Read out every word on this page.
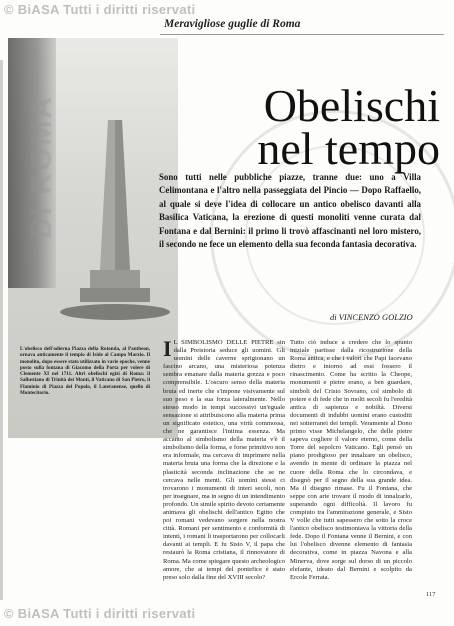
© BiASA Tutti i diritti riservati
© BiASA Tutti i diritti riservati
DI ROMA
Meravigliose guglie di Roma
Obelischi
nel tempo
Sono tutti nelle pubbliche piazze, tranne due: uno a Villa Celimontana e l'altro nella passeggiata del Pincio — Dopo Raffaello, al quale si deve l'idea di collocare un antico obelisco davanti alla Basilica Vaticana, la erezione di questi monoliti venne curata dal Fontana e dal Bernini: il primo li trovò affascinanti nel loro mistero, il secondo ne fece un elemento della sua feconda fantasia decorativa.
di VINCENZO GOLZIO
L'obelisco dell'odierna Piazza della Rotonda, al Pantheon, ornava anticamente il tempio di Iside al Campo Marzio. Il monolito, dopo essere stato utilizzato in varie epoche, venne posto sulla fontana di Giacomo della Porta per volere di Clemente XI nel 1711. Altri obelischi egizi di Roma: il Sallustiano di Trinità dei Monti, il Vaticano di San Pietro, il Flaminio di Piazza del Popolo, il Lateranense, quello di Montecitorio.
I L SIMBOLISMO DELLE PIETRE sin dalla Preistoria seduce gli uomini. Gli uomini delle caverne sprigionano un fascino arcano, una misteriosa potenza sembra emanare dalla materia grezza e poco comprensibile. L'oscuro senso della materia bruta ed inerte che s'impone visivamente sul suo peso e la sua forza lateralmente. Nello stesso modo in tempi successivi un'eguale sensazione si attribuiscono alla materia prima un significato estetico, una virtù commossa, che ne garantisce l'intima essenza. Ma accanto al simbolismo della materia v'è il simbolismo della forma, e forse primitivo non era informale, ma cercava di imprimere nella materia bruta una forma che la direzione e la plasticità seconda inclinazione che se ne cercava nelle menti. Gli uomini stessi ci trovarono i monumenti di interi secoli, non per insegnare, ma in segno di un intendimento profondo. Un simile spirito devoto certamente animava gli obelischi dell'antico Egitto che poi romani vedevano sorgere nella nostra città. Romani per sentimento e conformità di intenti, i romani li trasportarono per collocarli davanti ai templi. E fu Sisto V, il papa che restaurò la Roma cristiana, il rinnovatore di Roma. Ma come spiegare questo archeologico amore, che ai tempi del pontefice è stato preso solo dalla fine del XVIII secolo?
Tutto ciò induce a credere che lo spunto iniziale partisse dalla ricostruzione della Roma antica, e che i valori che Papi facevano dietro e intorno ad essi fossero il rinascimento. Come ha scritto la Cheope, monumenti e pietre erano, a ben guardare, simboli del Cristo Sovrano, col simbolo di potere e di fede che in molti secoli fu l'eredità antica di sapienza e nobiltà. Diversi documenti di indubbi uomini erano custoditi nei sotterranei dei templi. Veramente al Dono primo visse Michelangelo, che delle pietre sapeva cogliere il valore eterno, come della Torre del sepolcro Vaticano. Egli pensò un piano prodigioso per innalzare un obelisco, avendo in mente di ordinare la piazza nel cuore della Roma che lo circondava, e disegnò per il segno della sua grande idea. Ma il disegno rimase. Fu il Fontana, che seppe con arte trovare il modo di innalzarlo, superando ogni difficoltà. Il lavoro fu compiuto tra l'ammirazione generale, e Sisto V volle che tutti sapessero che sotto la croce l'antico obelisco testimoniava la vittoria della fede. Dopo il Fontana venne il Bernini, e con lui l'obelisco divenne elemento di fantasia decorativa, come in piazza Navona e alla Minerva, dove sorge sul dorso di un piccolo elefante, ideato dal Bernini e scolpito da Ercole Ferrata.
117
